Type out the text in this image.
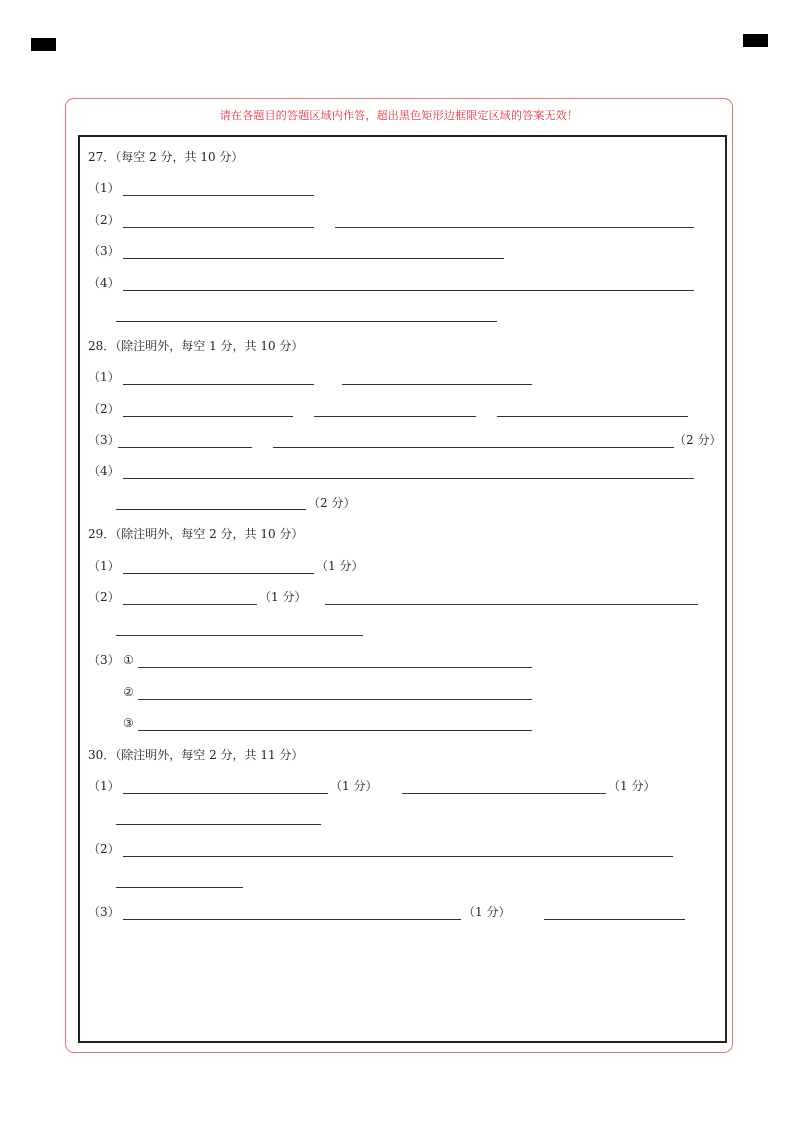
请在各题目的答题区域内作答，超出黑色矩形边框限定区域的答案无效！
27．（每空 2 分，共 10 分）
（1）
（2）
（3）
（4）
28．（除注明外，每空 1 分，共 10 分）
（1）
（2）
（3）	（2 分）
（4）
（2 分）
29．（除注明外，每空 2 分，共 10 分）
（1）	（1 分）
（2）	（1 分）
（3） ①
②
③
30．（除注明外，每空 2 分，共 11 分）
（1）	（1 分）	（1 分）
（2）
（3）	（1 分）
